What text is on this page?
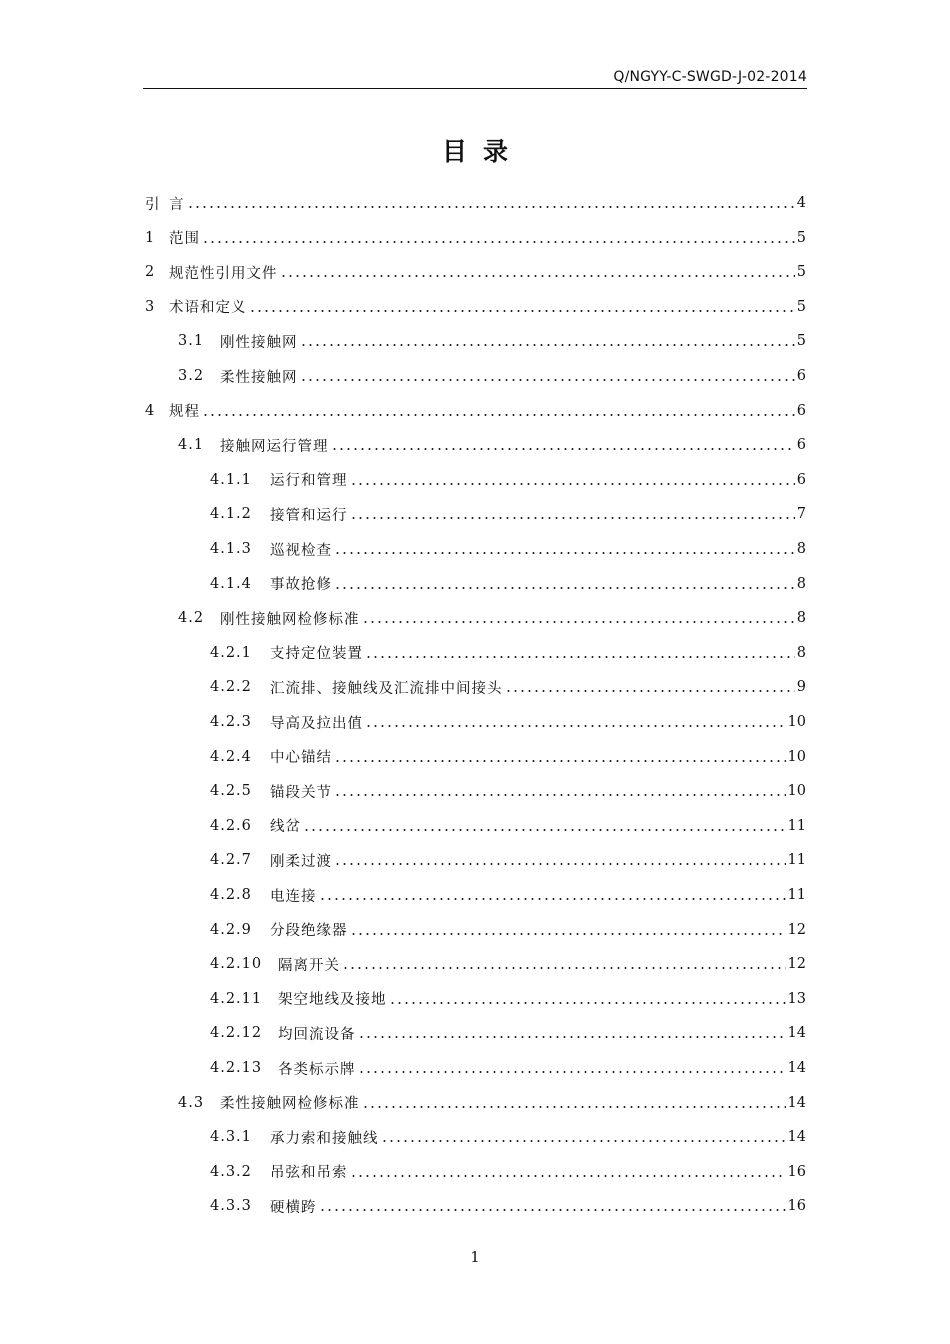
Q/NGYY-C-SWGD-J-02-2014
目录
引 言	4
1 范围	5
2 规范性引用文件	5
3 术语和定义	5
3.1	刚性接触网	5
3.2	柔性接触网	6
4 规程	6
4.1	接触网运行管理	6
4.1.1	运行和管理	6
4.1.2	接管和运行	7
4.1.3	巡视检查	8
4.1.4	事故抢修	8
4.2	刚性接触网检修标准	8
4.2.1	支持定位装置	8
4.2.2	汇流排、接触线及汇流排中间接头	9
4.2.3	导高及拉出值	10
4.2.4	中心锚结	10
4.2.5	锚段关节	10
4.2.6	线岔	11
4.2.7	刚柔过渡	11
4.2.8	电连接	11
4.2.9	分段绝缘器	12
4.2.10	隔离开关	12
4.2.11	架空地线及接地	13
4.2.12	均回流设备	14
4.2.13	各类标示牌	14
4.3	柔性接触网检修标准	14
4.3.1	承力索和接触线	14
4.3.2	吊弦和吊索	16
4.3.3	硬横跨	16
1
